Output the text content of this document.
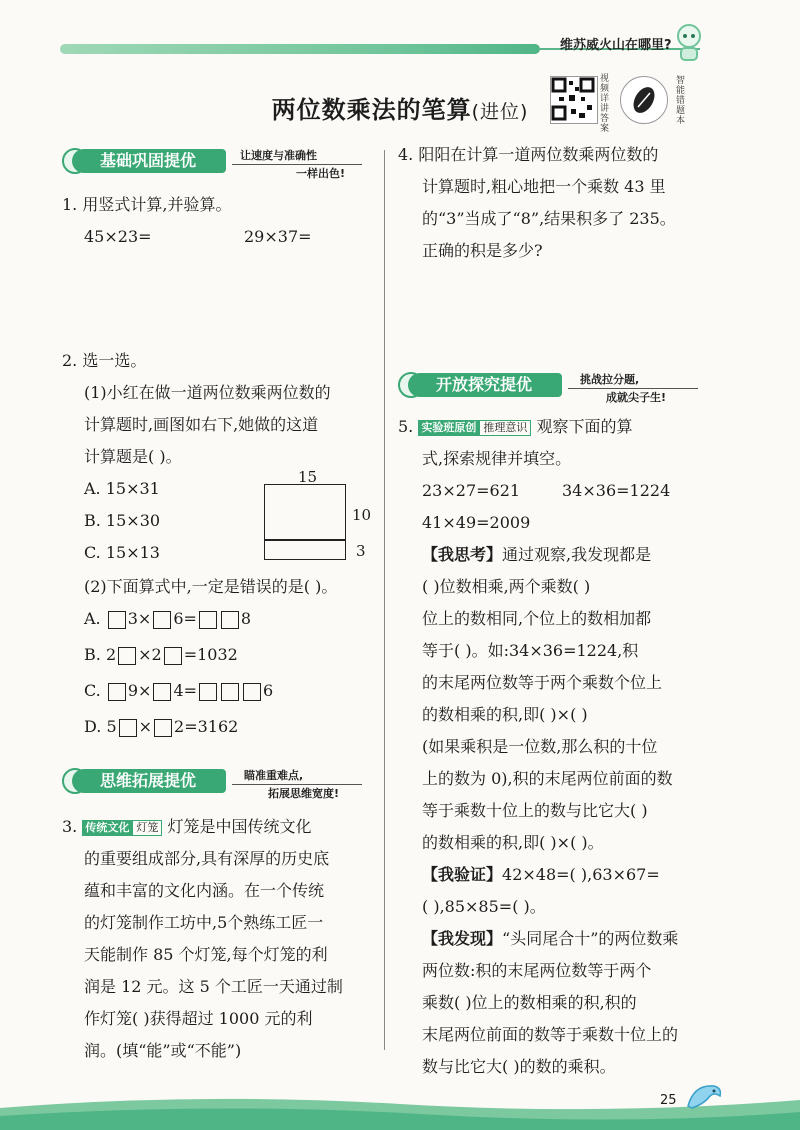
维苏威火山在哪里?
两位数乘法的笔算(进位)
视频详讲答案
智能错题本
基础巩固提优	让速度与准确性
一样出色!
1. 用竖式计算,并验算。
45×23=	29×37=
2. 选一选。
(1)小红在做一道两位数乘两位数的
计算题时,画图如右下,她做的这道
计算题是( )。
A. 15×31
B. 15×30
C. 15×13
15
10
3
(2)下面算式中,一定是错误的是( )。
A. 3× 6=	8
B. 2 ×2 =1032
C. 9× 4=	6
D. 5 × 2=3162
思维拓展提优	瞄准重难点,
拓展思维宽度!
3. 传统文化 灯笼 灯笼是中国传统文化
的重要组成部分,具有深厚的历史底
蕴和丰富的文化内涵。在一个传统
的灯笼制作工坊中,5个熟练工匠一
天能制作 85 个灯笼,每个灯笼的利
润是 12 元。这 5 个工匠一天通过制
作灯笼( )获得超过 1000 元的利
润。(填“能”或“不能”)
4. 阳阳在计算一道两位数乘两位数的
计算题时,粗心地把一个乘数 43 里
的“3”当成了“8”,结果积多了 235。
正确的积是多少?
开放探究提优	挑战拉分题,
成就尖子生!
5. 实验班原创 推理意识 观察下面的算
式,探索规律并填空。
23×27=621	34×36=1224
41×49=2009
【我思考】通过观察,我发现都是
( )位数相乘,两个乘数( )
位上的数相同,个位上的数相加都
等于( )。如:34×36=1224,积
的末尾两位数等于两个乘数个位上
的数相乘的积,即( )×( )
(如果乘积是一位数,那么积的十位
上的数为 0),积的末尾两位前面的数
等于乘数十位上的数与比它大( )
的数相乘的积,即( )×( )。
【我验证】42×48=( ),63×67=
( ),85×85=( )。
【我发现】“头同尾合十”的两位数乘
两位数:积的末尾两位数等于两个
乘数( )位上的数相乘的积,积的
末尾两位前面的数等于乘数十位上的
数与比它大( )的数的乘积。
25
